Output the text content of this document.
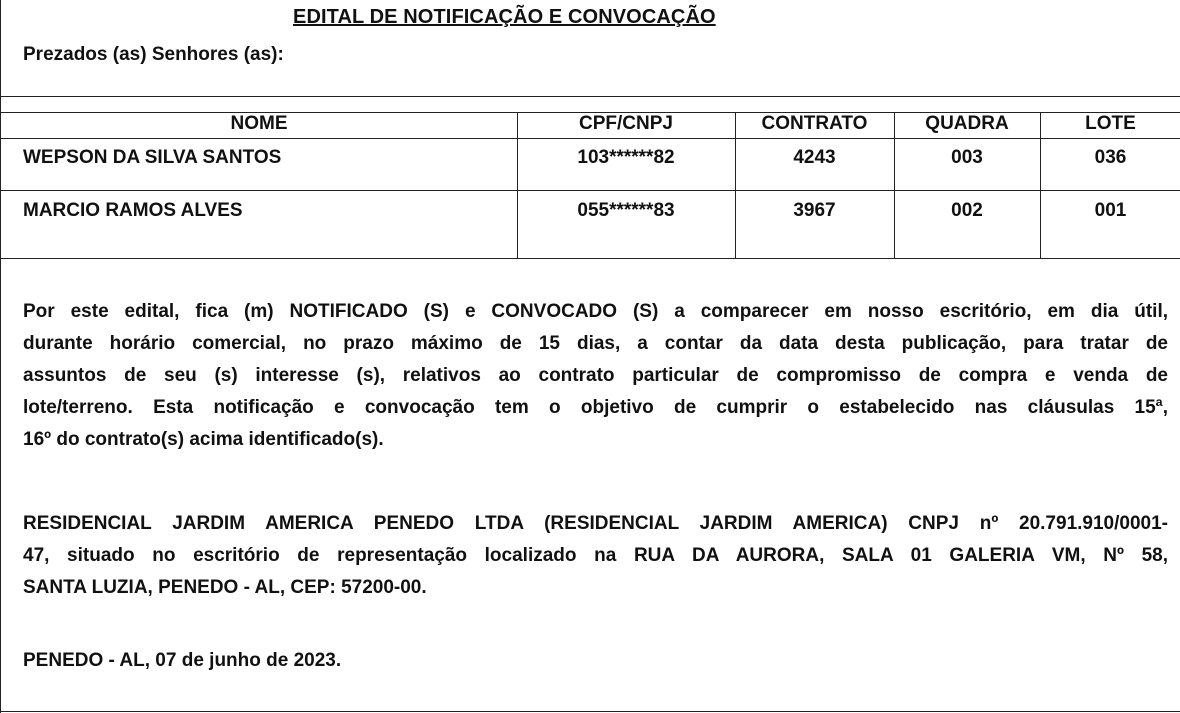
EDITAL DE NOTIFICAÇÃO E CONVOCAÇÃO
Prezados (as) Senhores (as):
NOME	CPF/CNPJ	CONTRATO	QUADRA	LOTE
WEPSON DA SILVA SANTOS	103******82	4243	003	036
MARCIO RAMOS ALVES	055******83	3967	002	001
Por este edital, fica (m) NOTIFICADO (S) e CONVOCADO (S) a comparecer em nosso escritório, em dia útil,
durante horário comercial, no prazo máximo de 15 dias, a contar da data desta publicação, para tratar de
assuntos de seu (s) interesse (s), relativos ao contrato particular de compromisso de compra e venda de
lote/terreno. Esta notificação e convocação tem o objetivo de cumprir o estabelecido nas cláusulas 15ª,
16º do contrato(s) acima identificado(s).
RESIDENCIAL JARDIM AMERICA PENEDO LTDA (RESIDENCIAL JARDIM AMERICA) CNPJ nº 20.791.910/0001-
47, situado no escritório de representação localizado na RUA DA AURORA, SALA 01 GALERIA VM, Nº 58,
SANTA LUZIA, PENEDO - AL, CEP: 57200-00.
PENEDO - AL, 07 de junho de 2023.
